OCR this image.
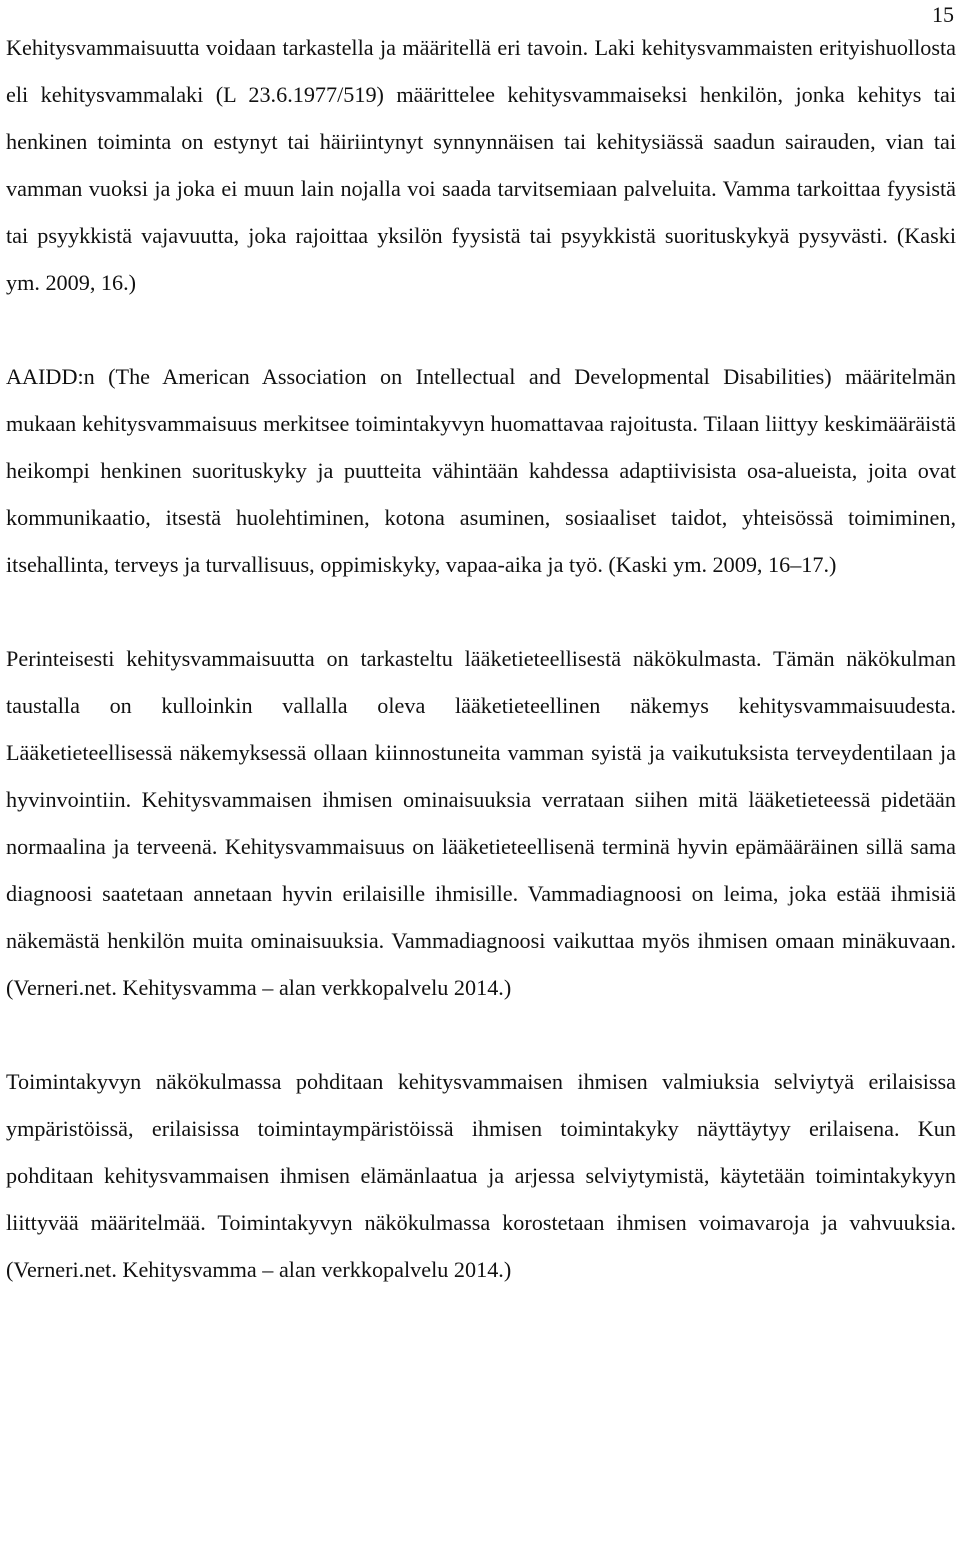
15

Kehitysvammaisuutta voidaan tarkastella ja määritellä eri tavoin. Laki kehitysvammaisten erityishuollosta eli kehitysvammalaki (L 23.6.1977/519) määrittelee kehitysvammaiseksi henkilön, jonka kehitys tai henkinen toiminta on estynyt tai häiriintynyt synnynnäisen tai kehitysiässä saadun sairauden, vian tai vamman vuoksi ja joka ei muun lain nojalla voi saada tarvitsemiaan palveluita. Vamma tarkoittaa fyysistä tai psyykkistä vajavuutta, joka rajoittaa yksilön fyysistä tai psyykkistä suorituskykyä pysyvästi. (Kaski ym. 2009, 16.)

AAIDD:n (The American Association on Intellectual and Developmental Disabilities) määritelmän mukaan kehitysvammaisuus merkitsee toimintakyvyn huomattavaa rajoitusta. Tilaan liittyy keskimääräistä heikompi henkinen suorituskyky ja puutteita vähintään kahdessa adaptiivisista osa-alueista, joita ovat kommunikaatio, itsestä huolehtiminen, kotona asuminen, sosiaaliset taidot, yhteisössä toimiminen, itsehallinta, terveys ja turvallisuus, oppimiskyky, vapaa-aika ja työ. (Kaski ym. 2009, 16–17.)

Perinteisesti kehitysvammaisuutta on tarkasteltu lääketieteellisestä näkökulmasta. Tämän näkökulman taustalla on kulloinkin vallalla oleva lääketieteellinen näkemys kehitysvammaisuudesta. Lääketieteellisessä näkemyksessä ollaan kiinnostuneita vamman syistä ja vaikutuksista terveydentilaan ja hyvinvointiin. Kehitysvammaisen ihmisen ominaisuuksia verrataan siihen mitä lääketieteessä pidetään normaalina ja terveenä. Kehitysvammaisuus on lääketieteellisenä terminä hyvin epämääräinen sillä sama diagnoosi saatetaan annetaan hyvin erilaisille ihmisille. Vammadiagnoosi on leima, joka estää ihmisiä näkemästä henkilön muita ominaisuuksia. Vammadiagnoosi vaikuttaa myös ihmisen omaan minäkuvaan. (Verneri.net. Kehitysvamma – alan verkkopalvelu 2014.)

Toimintakyvyn näkökulmassa pohditaan kehitysvammaisen ihmisen valmiuksia selviytyä erilaisissa ympäristöissä, erilaisissa toimintaympäristöissä ihmisen toimintakyky näyttäytyy erilaisena. Kun pohditaan kehitysvammaisen ihmisen elämänlaatua ja arjessa selviytymistä, käytetään toimintakykyyn liittyvää määritelmää. Toimintakyvyn näkökulmassa korostetaan ihmisen voimavaroja ja vahvuuksia. (Verneri.net. Kehitysvamma – alan verkkopalvelu 2014.)
